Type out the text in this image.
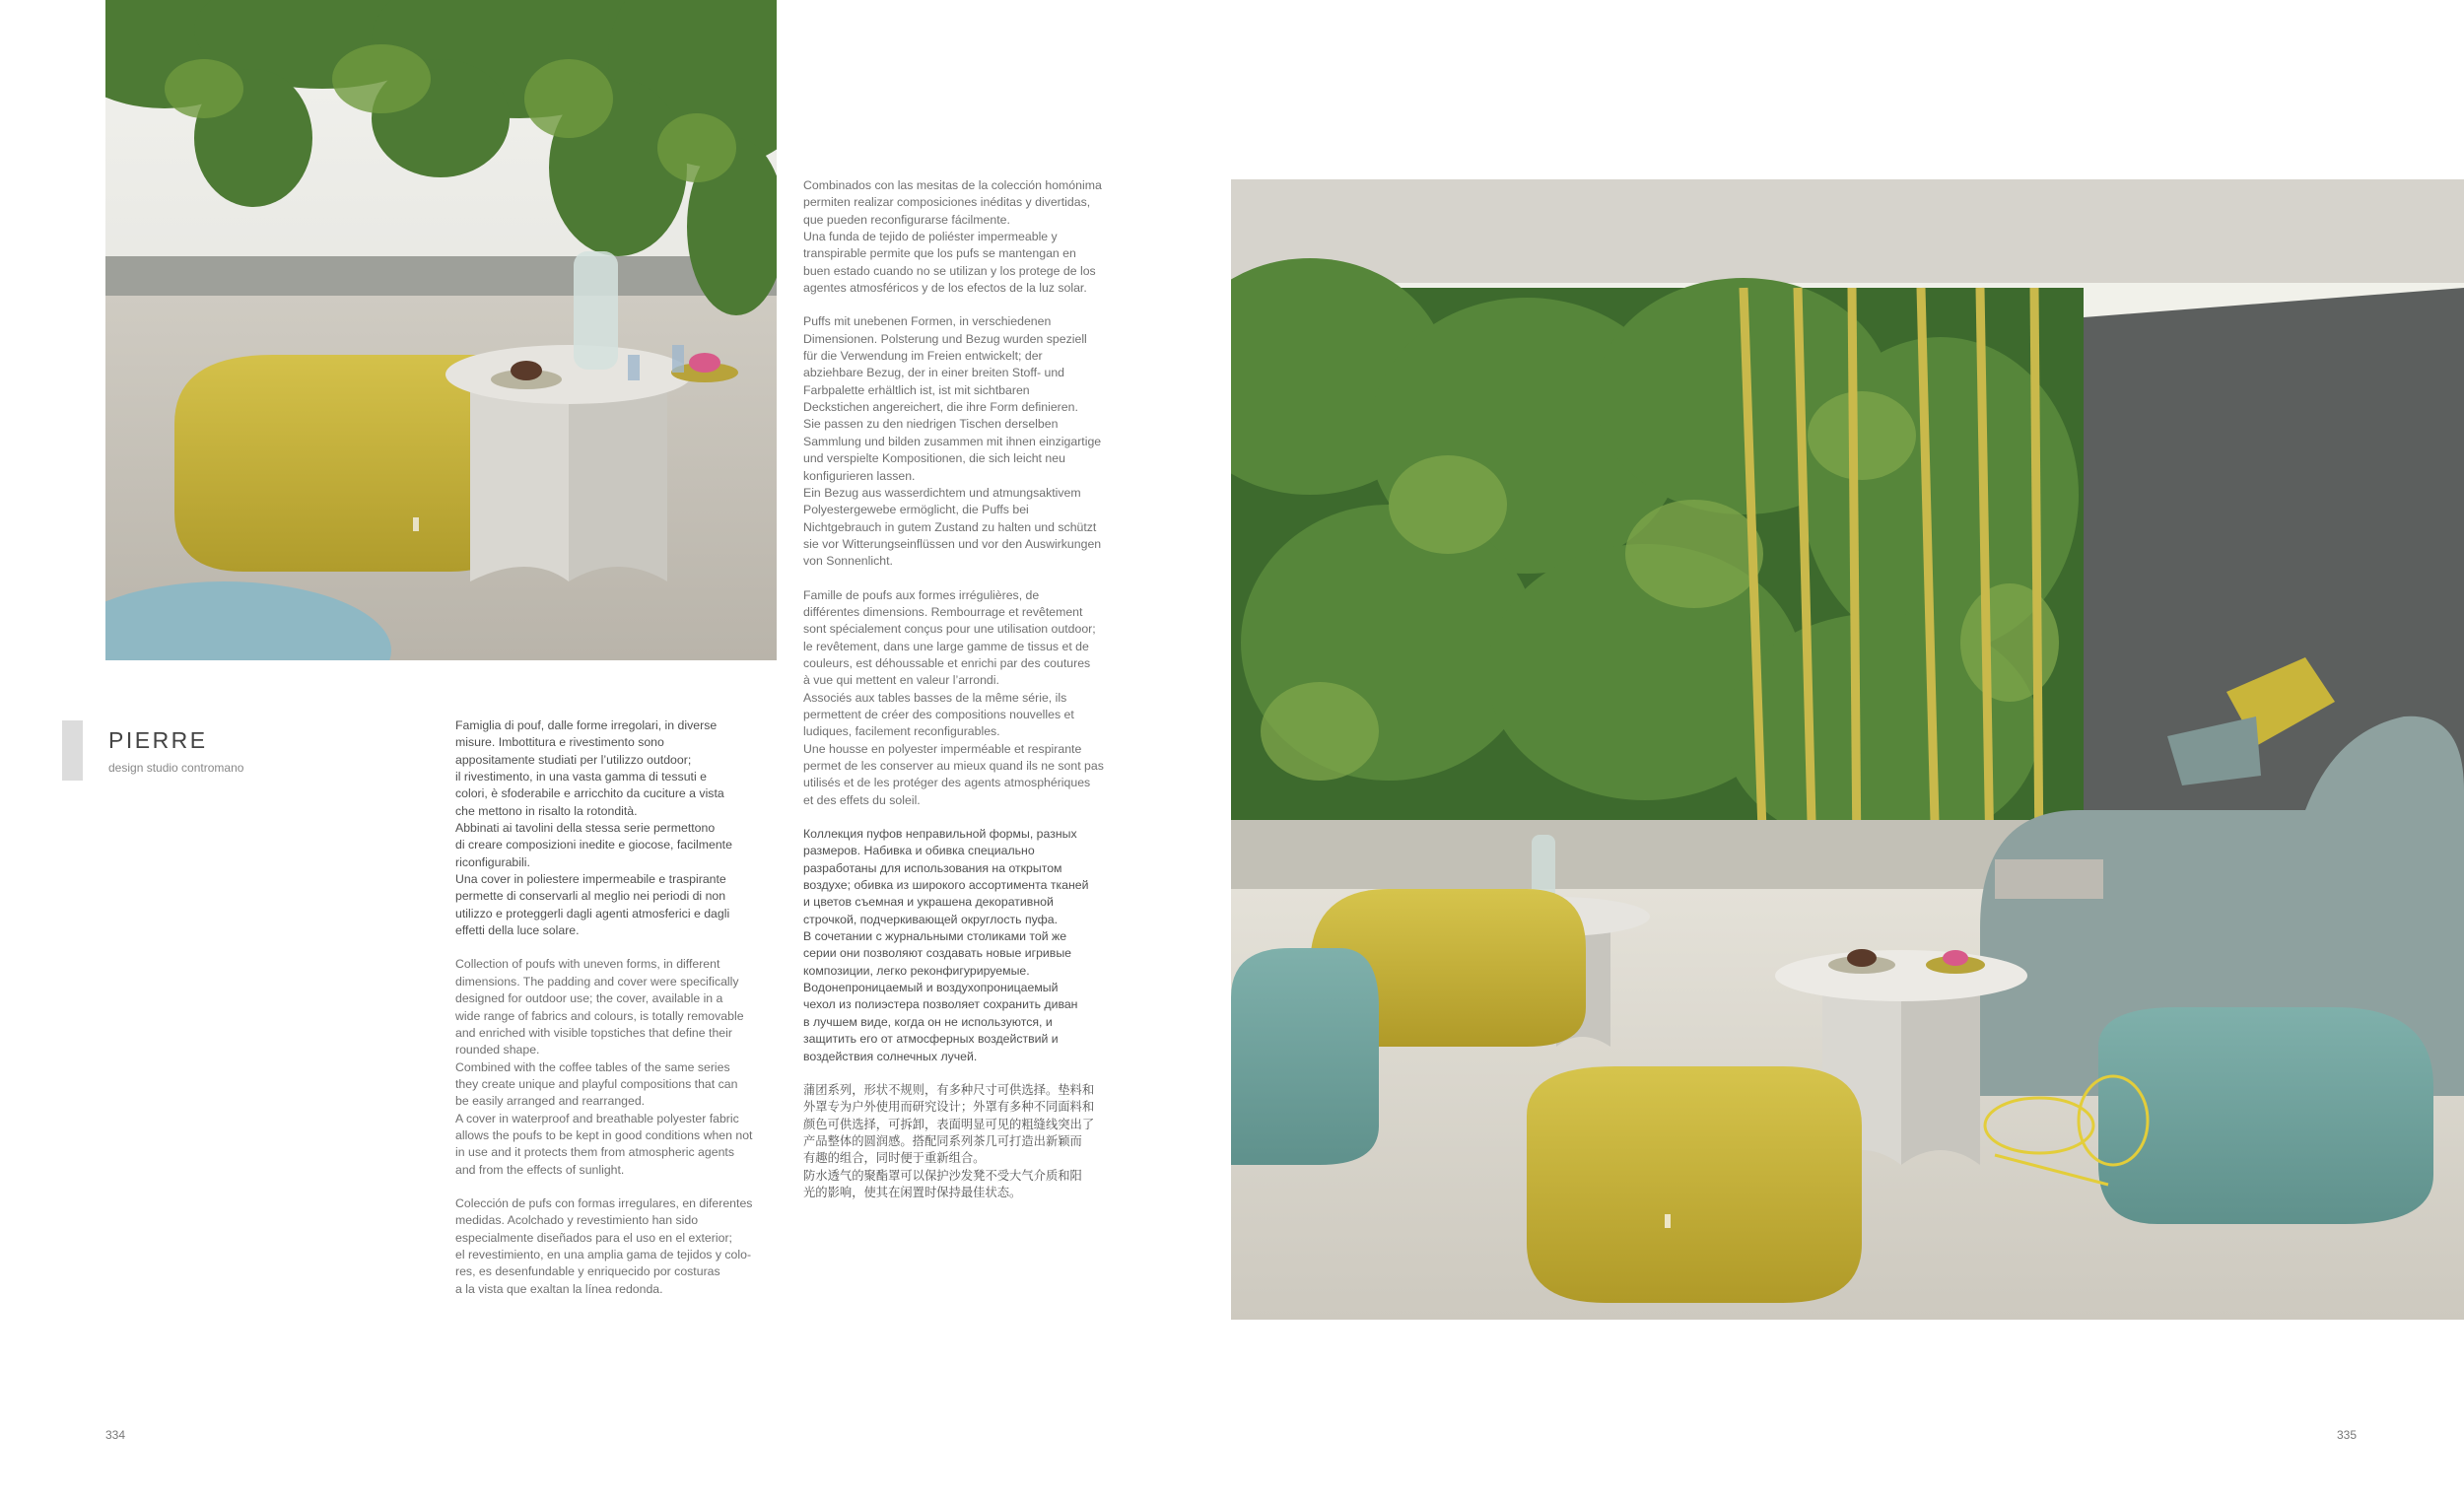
PIERRE
design studio contromano

Famiglia di pouf, dalle forme irregolari, in diverse
misure. Imbottitura e rivestimento sono
appositamente studiati per l’utilizzo outdoor;
il rivestimento, in una vasta gamma di tessuti e
colori, è sfoderabile e arricchito da cuciture a vista
che mettono in risalto la rotondità.
Abbinati ai tavolini della stessa serie permettono
di creare composizioni inedite e giocose, facilmente
riconfigurabili.
Una cover in poliestere impermeabile e traspirante
permette di conservarli al meglio nei periodi di non
utilizzo e proteggerli dagli agenti atmosferici e dagli
effetti della luce solare.

Collection of poufs with uneven forms, in different
dimensions. The padding and cover were specifically
designed for outdoor use; the cover, available in a
wide range of fabrics and colours, is totally removable
and enriched with visible topstiches that define their
rounded shape.
Combined with the coffee tables of the same series
they create unique and playful compositions that can
be easily arranged and rearranged.
A cover in waterproof and breathable polyester fabric
allows the poufs to be kept in good conditions when not
in use and it protects them from atmospheric agents
and from the effects of sunlight.

Colección de pufs con formas irregulares, en diferentes
medidas. Acolchado y revestimiento han sido
especialmente diseñados para el uso en el exterior;
el revestimiento, en una amplia gama de tejidos y colo-
res, es desenfundable y enriquecido por costuras
a la vista que exaltan la línea redonda.

Combinados con las mesitas de la colección homónima
permiten realizar composiciones inéditas y divertidas,
que pueden reconfigurarse fácilmente.
Una funda de tejido de poliéster impermeable y
transpirable permite que los pufs se mantengan en
buen estado cuando no se utilizan y los protege de los
agentes atmosféricos y de los efectos de la luz solar.

Puffs mit unebenen Formen, in verschiedenen
Dimensionen. Polsterung und Bezug wurden speziell
für die Verwendung im Freien entwickelt; der
abziehbare Bezug, der in einer breiten Stoff- und
Farbpalette erhältlich ist, ist mit sichtbaren
Deckstichen angereichert, die ihre Form definieren.
Sie passen zu den niedrigen Tischen derselben
Sammlung und bilden zusammen mit ihnen einzigartige
und verspielte Kompositionen, die sich leicht neu
konfigurieren lassen.
Ein Bezug aus wasserdichtem und atmungsaktivem
Polyestergewebe ermöglicht, die Puffs bei
Nichtgebrauch in gutem Zustand zu halten und schützt
sie vor Witterungseinflüssen und vor den Auswirkungen
von Sonnenlicht.

Famille de poufs aux formes irrégulières, de
différentes dimensions. Rembourrage et revêtement
sont spécialement conçus pour une utilisation outdoor;
le revêtement, dans une large gamme de tissus et de
couleurs, est déhoussable et enrichi par des coutures
à vue qui mettent en valeur l’arrondi.
Associés aux tables basses de la même série, ils
permettent de créer des compositions nouvelles et
ludiques, facilement reconfigurables.
Une housse en polyester imperméable et respirante
permet de les conserver au mieux quand ils ne sont pas
utilisés et de les protéger des agents atmosphériques
et des effets du soleil.

Коллекция пуфов неправильной формы, разных
размеров. Набивка и обивка специально
разработаны для использования на открытом
воздухе; обивка из широкого ассортимента тканей
и цветов съемная и украшена декоративной
строчкой, подчеркивающей округлость пуфа.
В сочетании с журнальными столиками той же
серии они позволяют создавать новые игривые
композиции, легко реконфигурируемые.
Водонепроницаемый и воздухопроницаемый
чехол из полиэстера позволяет сохранить диван
в лучшем виде, когда он не используются, и
защитить его от атмосферных воздействий и
воздействия солнечных лучей.

蒲团系列，形状不规则，有多种尺寸可供选择。垫料和
外罩专为户外使用而研究设计；外罩有多种不同面料和
颜色可供选择，可拆卸，表面明显可见的粗缝线突出了
产品整体的圆润感。搭配同系列茶几可打造出新颖而
有趣的组合，同时便于重新组合。
防水透气的聚酯罩可以保护沙发凳不受大气介质和阳
光的影响，使其在闲置时保持最佳状态。

334	335
